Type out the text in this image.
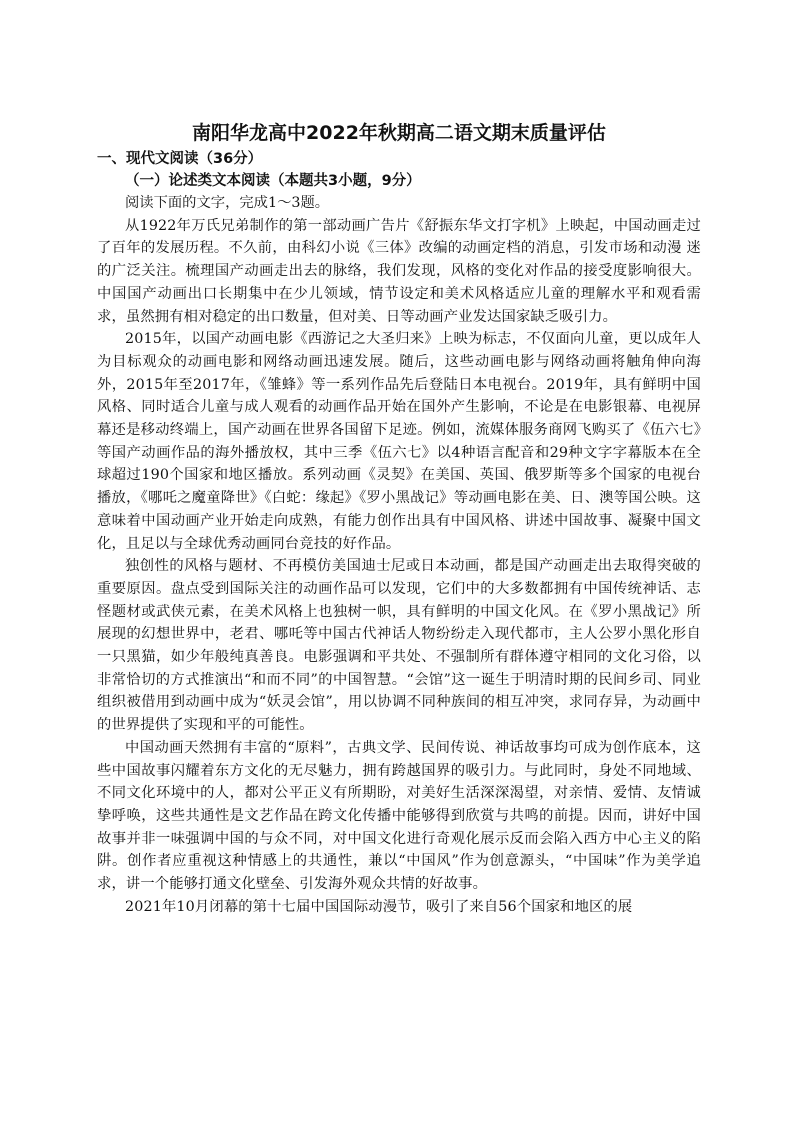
南阳华龙高中2022年秋期高二语文期末质量评估
一、现代文阅读（36分）
（一）论述类文本阅读（本题共3小题，9分）

阅读下面的文字，完成1～3题。

从1922年万氏兄弟制作的第一部动画广告片《舒振东华文打字机》上映起，中国动画走过了百年的发展历程。不久前，由科幻小说《三体》改编的动画定档的消息，引发市场和动漫 迷的广泛关注。梳理国产动画走出去的脉络，我们发现，风格的变化对作品的接受度影响很大。中国国产动画出口长期集中在少儿领域，情节设定和美术风格适应儿童的理解水平和观看需求，虽然拥有相对稳定的出口数量，但对美、日等动画产业发达国家缺乏吸引力。

2015年，以国产动画电影《西游记之大圣归来》上映为标志，不仅面向儿童，更以成年人为目标观众的动画电影和网络动画迅速发展。随后，这些动画电影与网络动画将触角伸向海外，2015年至2017年，《雏蜂》等一系列作品先后登陆日本电视台。2019年，具有鲜明中国风格、同时适合儿童与成人观看的动画作品开始在国外产生影响，不论是在电影银幕、电视屏幕还是移动终端上，国产动画在世界各国留下足迹。例如，流媒体服务商网飞购买了《伍六七》等国产动画作品的海外播放权，其中三季《伍六七》以4种语言配音和29种文字字幕版本在全球超过190个国家和地区播放。系列动画《灵契》在美国、英国、俄罗斯等多个国家的电视台播放，《哪吒之魔童降世》《白蛇：缘起》《罗小黑战记》等动画电影在美、日、澳等国公映。这意味着中国动画产业开始走向成熟，有能力创作出具有中国风格、讲述中国故事、凝聚中国文化，且足以与全球优秀动画同台竞技的好作品。

独创性的风格与题材、不再模仿美国迪士尼或日本动画，都是国产动画走出去取得突破的重要原因。盘点受到国际关注的动画作品可以发现，它们中的大多数都拥有中国传统神话、志怪题材或武侠元素，在美术风格上也独树一帜，具有鲜明的中国文化风。在《罗小黑战记》所展现的幻想世界中，老君、哪吒等中国古代神话人物纷纷走入现代都市，主人公罗小黑化形自一只黑猫，如少年般纯真善良。电影强调和平共处、不强制所有群体遵守相同的文化习俗，以非常恰切的方式推演出“和而不同”的中国智慧。“会馆”这一诞生于明清时期的民间乡司、同业组织被借用到动画中成为“妖灵会馆”，用以协调不同种族间的相互冲突，求同存异，为动画中的世界提供了实现和平的可能性。

中国动画天然拥有丰富的“原料”，古典文学、民间传说、神话故事均可成为创作底本，这些中国故事闪耀着东方文化的无尽魅力，拥有跨越国界的吸引力。与此同时，身处不同地域、不同文化环境中的人，都对公平正义有所期盼，对美好生活深深渴望，对亲情、爱情、友情诚挚呼唤，这些共通性是文艺作品在跨文化传播中能够得到欣赏与共鸣的前提。因而，讲好中国故事并非一味强调中国的与众不同，对中国文化进行奇观化展示反而会陷入西方中心主义的陷阱。创作者应重视这种情感上的共通性，兼以“中国风”作为创意源头，“中国味”作为美学追求，讲一个能够打通文化壁垒、引发海外观众共情的好故事。

2021年10月闭幕的第十七届中国国际动漫节，吸引了来自56个国家和地区的展
